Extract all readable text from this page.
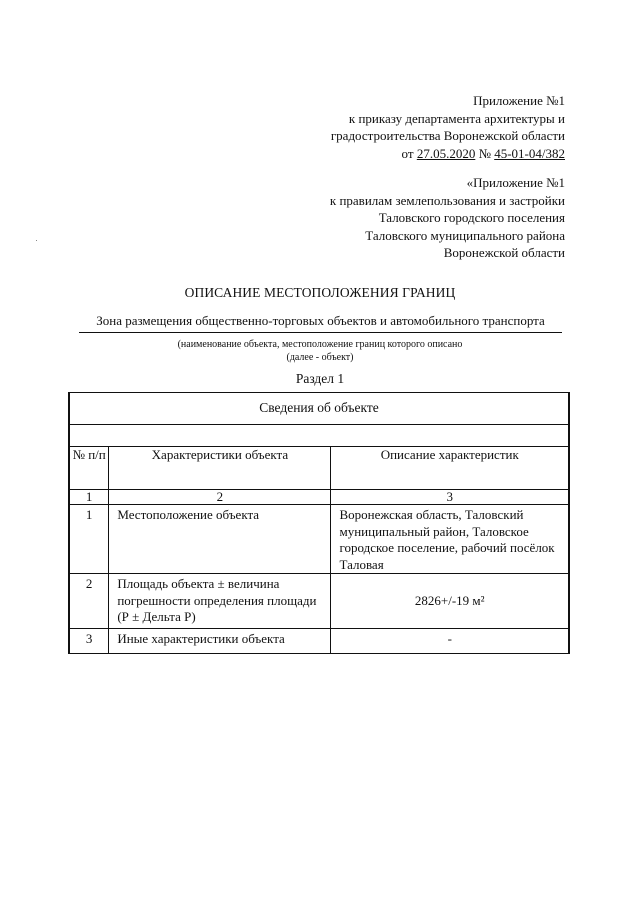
Приложение №1
к приказу департамента архитектуры и
градостроительства Воронежской области
от 27.05.2020 № 45-01-04/382
«Приложение №1
к правилам землепользования и застройки
Таловского городского поселения
Таловского муниципального района
Воронежской области
ОПИСАНИЕ МЕСТОПОЛОЖЕНИЯ ГРАНИЦ
Зона размещения общественно-торговых объектов и автомобильного транспорта
(наименование объекта, местоположение границ которого описано
(далее - объект)
Раздел 1
Сведения об объекте		

№ п/п	Характеристики объекта	Описание характеристик
1	2	3
1	Местоположение объекта	Воронежская область, Таловский муниципальный район, Таловское городское поселение, рабочий посёлок Таловая
2	Площадь объекта ± величина погрешности определения площади (Р ± Дельта Р)	2826+/-19 м²
3	Иные характеристики объекта	-
